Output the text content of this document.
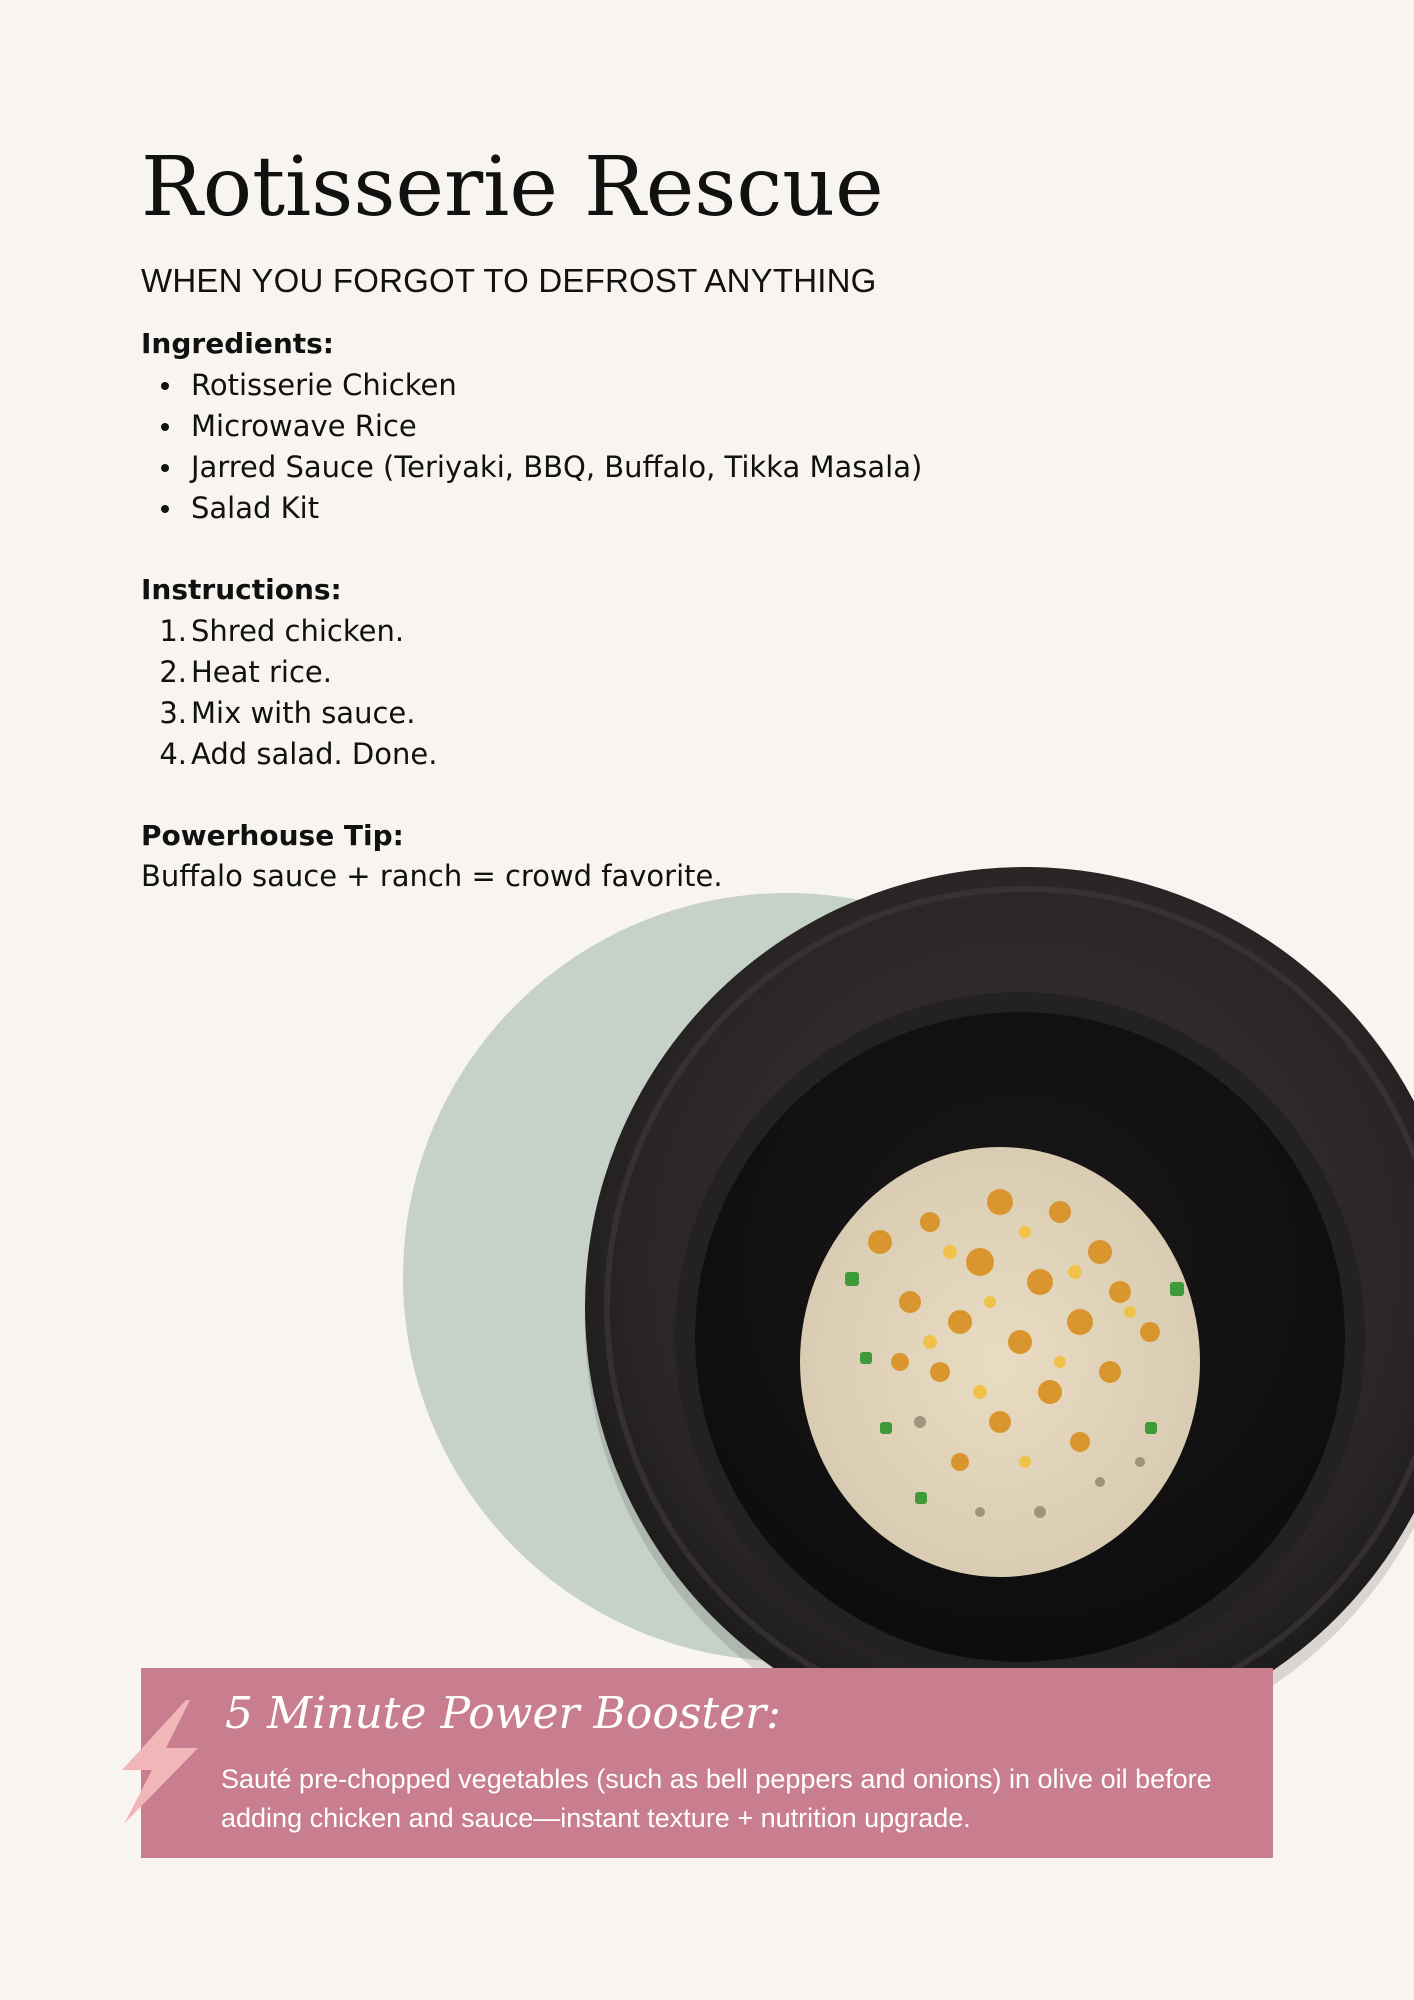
Rotisserie Rescue
WHEN YOU FORGOT TO DEFROST ANYTHING
Ingredients:
Rotisserie Chicken
Microwave Rice
Jarred Sauce (Teriyaki, BBQ, Buffalo, Tikka Masala)
Salad Kit
Instructions:
1. Shred chicken.
2. Heat rice.
3. Mix with sauce.
4. Add salad. Done.
Powerhouse Tip:
Buffalo sauce + ranch = crowd favorite.
5 Minute Power Booster:
Sauté pre-chopped vegetables (such as bell peppers and onions) in olive oil before adding chicken and sauce—instant texture + nutrition upgrade.
